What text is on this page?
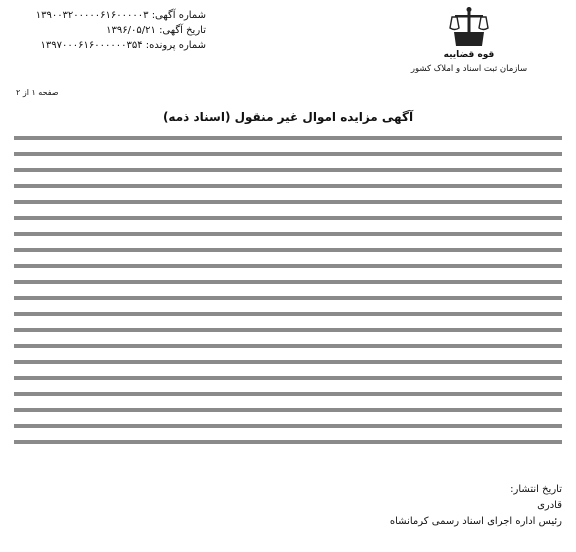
شماره آگهی: ۱۳۹۰۰۳۲۰۰۰۰۰۶۱۶۰۰۰۰۰۳
تاریخ آگهی: ۱۳۹۶/۰۵/۲۱
شماره پرونده: ۱۳۹۷۰۰۰۶۱۶۰۰۰۰۰۰۳۵۴
صفحه ۱ از ۲
قوه قضاییه
سازمان ثبت اسناد و املاک کشور
آگهی مزایده اموال غیر منقول (اسناد ذمه)
تاریخ انتشار:
قادری
رئیس اداره اجرای اسناد رسمی کرمانشاه
